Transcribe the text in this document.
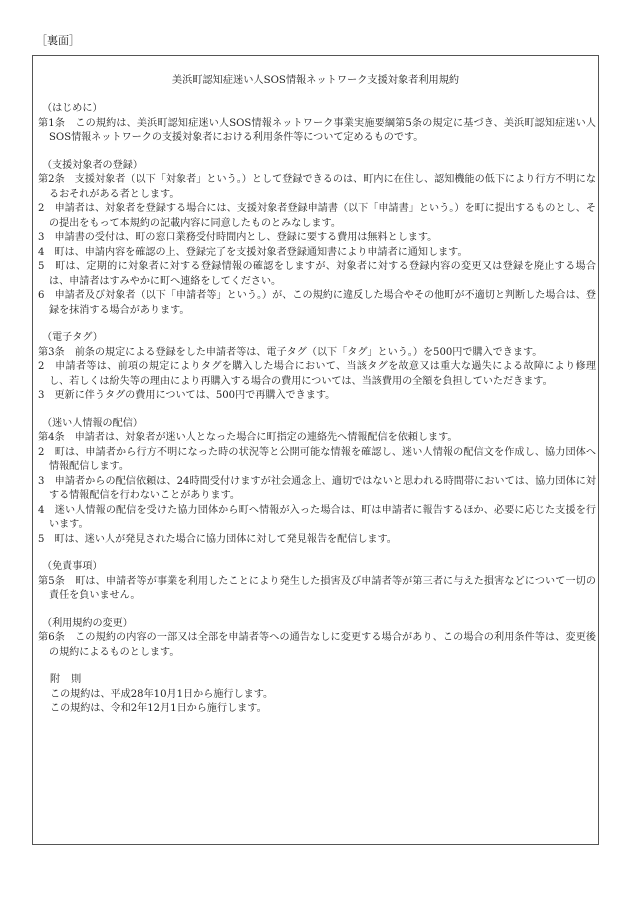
［裏面］
美浜町認知症迷い人SOS情報ネットワーク支援対象者利用規約
（はじめに）
第1条　この規約は、美浜町認知症迷い人SOS情報ネットワーク事業実施要綱第5条の規定に基づき、美浜町認知症迷い人SOS情報ネットワークの支援対象者における利用条件等について定めるものです。
（支援対象者の登録）
第2条　支援対象者（以下「対象者」という。）として登録できるのは、町内に在住し、認知機能の低下により行方不明になるおそれがある者とします。
2　申請者は、対象者を登録する場合には、支援対象者登録申請書（以下「申請書」という。）を町に提出するものとし、その提出をもって本規約の記載内容に同意したものとみなします。
3　申請書の受付は、町の窓口業務受付時間内とし、登録に要する費用は無料とします。
4　町は、申請内容を確認の上、登録完了を支援対象者登録通知書により申請者に通知します。
5　町は、定期的に対象者に対する登録情報の確認をしますが、対象者に対する登録内容の変更又は登録を廃止する場合は、申請者はすみやかに町へ連絡をしてください。
6　申請者及び対象者（以下「申請者等」という。）が、この規約に違反した場合やその他町が不適切と判断した場合は、登録を抹消する場合があります。
（電子タグ）
第3条　前条の規定による登録をした申請者等は、電子タグ（以下「タグ」という。）を500円で購入できます。
2　申請者等は、前項の規定によりタグを購入した場合において、当該タグを故意又は重大な過失による故障により修理し、若しくは紛失等の理由により再購入する場合の費用については、当該費用の全額を負担していただきます。
3　更新に伴うタグの費用については、500円で再購入できます。
（迷い人情報の配信）
第4条　申請者は、対象者が迷い人となった場合に町指定の連絡先へ情報配信を依頼します。
2　町は、申請者から行方不明になった時の状況等と公開可能な情報を確認し、迷い人情報の配信文を作成し、協力団体へ情報配信します。
3　申請者からの配信依頼は、24時間受付けますが社会通念上、適切ではないと思われる時間帯においては、協力団体に対する情報配信を行わないことがあります。
4　迷い人情報の配信を受けた協力団体から町へ情報が入った場合は、町は申請者に報告するほか、必要に応じた支援を行います。
5　町は、迷い人が発見された場合に協力団体に対して発見報告を配信します。
（免責事項）
第5条　町は、申請者等が事業を利用したことにより発生した損害及び申請者等が第三者に与えた損害などについて一切の責任を負いません。
（利用規約の変更）
第6条　この規約の内容の一部又は全部を申請者等への通告なしに変更する場合があり、この場合の利用条件等は、変更後の規約によるものとします。
附　則
この規約は、平成28年10月1日から施行します。
この規約は、令和2年12月1日から施行します。
